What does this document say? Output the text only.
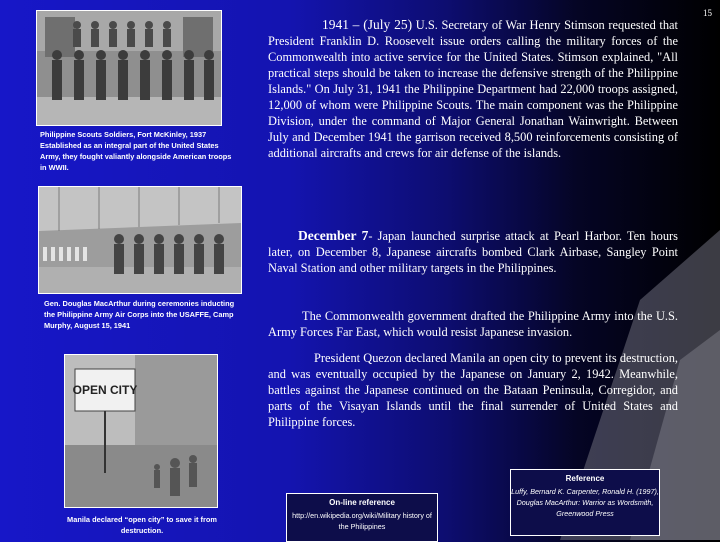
15
Philippine Scouts Soldiers, Fort McKinley, 1937 Established as an integral part of the United States Army, they fought valiantly alongside American troops in WWII.
Gen. Douglas MacArthur during ceremonies inducting the Philippine Army Air Corps into the USAFFE, Camp Murphy, August 15, 1941
OPEN CITY
Manila declared “open city” to save it from destruction.
1941 – (July 25) U.S. Secretary of War Henry Stimson requested that President Franklin D. Roosevelt issue orders calling the military forces of the Commonwealth into active service for the United States. Stimson explained, "All practical steps should be taken to increase the defensive strength of the Philippine Islands." On July 31, 1941 the Philippine Department had 22,000 troops assigned, 12,000 of whom were Philippine Scouts. The main component was the Philippine Division, under the command of Major General Jonathan Wainwright. Between July and December 1941 the garrison received 8,500 reinforcements consisting of additional aircrafts and crews for air defense of the islands.
December 7- Japan launched surprise attack at Pearl Harbor. Ten hours later, on December 8, Japanese aircrafts bombed Clark Airbase, Sangley Point Naval Station and other military targets in the Philippines.
The Commonwealth government drafted the Philippine Army into the U.S. Army Forces Far East, which would resist Japanese invasion.
President Quezon declared Manila an open city to prevent its destruction, and was eventually occupied by the Japanese on January 2, 1942. Meanwhile, battles against the Japanese continued on the Bataan Peninsula, Corregidor, and parts of the Visayan Islands until the final surrender of United States and Philippine forces.
On-line reference
http://en.wikipedia.org/wiki/Military history of the Philippines
Reference
Luffy, Bernard K. Carpenter, Ronald H. (1997), Douglas MacArthur: Warrior as Wordsmith, Greenwood Press
